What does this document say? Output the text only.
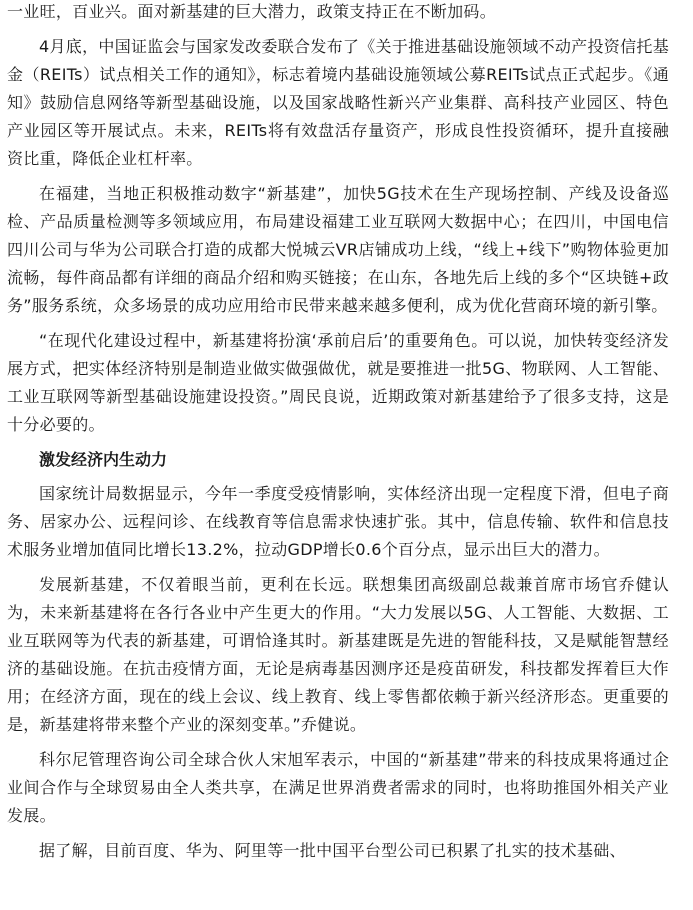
一业旺，百业兴。面对新基建的巨大潜力，政策支持正在不断加码。

4月底，中国证监会与国家发改委联合发布了《关于推进基础设施领域不动产投资信托基金（REITs）试点相关工作的通知》，标志着境内基础设施领域公募REITs试点正式起步。《通知》鼓励信息网络等新型基础设施，以及国家战略性新兴产业集群、高科技产业园区、特色产业园区等开展试点。未来，REITs将有效盘活存量资产，形成良性投资循环，提升直接融资比重，降低企业杠杆率。

在福建，当地正积极推动数字“新基建”，加快5G技术在生产现场控制、产线及设备巡检、产品质量检测等多领域应用，布局建设福建工业互联网大数据中心；在四川，中国电信四川公司与华为公司联合打造的成都大悦城云VR店铺成功上线，“线上+线下”购物体验更加流畅，每件商品都有详细的商品介绍和购买链接；在山东，各地先后上线的多个“区块链+政务”服务系统，众多场景的成功应用给市民带来越来越多便利，成为优化营商环境的新引擎。

“在现代化建设过程中，新基建将扮演‘承前启后’的重要角色。可以说，加快转变经济发展方式，把实体经济特别是制造业做实做强做优，就是要推进一批5G、物联网、人工智能、工业互联网等新型基础设施建设投资。”周民良说，近期政策对新基建给予了很多支持，这是十分必要的。

激发经济内生动力

国家统计局数据显示，今年一季度受疫情影响，实体经济出现一定程度下滑，但电子商务、居家办公、远程问诊、在线教育等信息需求快速扩张。其中，信息传输、软件和信息技术服务业增加值同比增长13.2%，拉动GDP增长0.6个百分点，显示出巨大的潜力。

发展新基建，不仅着眼当前，更利在长远。联想集团高级副总裁兼首席市场官乔健认为，未来新基建将在各行各业中产生更大的作用。“大力发展以5G、人工智能、大数据、工业互联网等为代表的新基建，可谓恰逢其时。新基建既是先进的智能科技，又是赋能智慧经济的基础设施。在抗击疫情方面，无论是病毒基因测序还是疫苗研发，科技都发挥着巨大作用；在经济方面，现在的线上会议、线上教育、线上零售都依赖于新兴经济形态。更重要的是，新基建将带来整个产业的深刻变革。”乔健说。

科尔尼管理咨询公司全球合伙人宋旭军表示，中国的“新基建”带来的科技成果将通过企业间合作与全球贸易由全人类共享，在满足世界消费者需求的同时，也将助推国外相关产业发展。

据了解，目前百度、华为、阿里等一批中国平台型公司已积累了扎实的技术基础、
